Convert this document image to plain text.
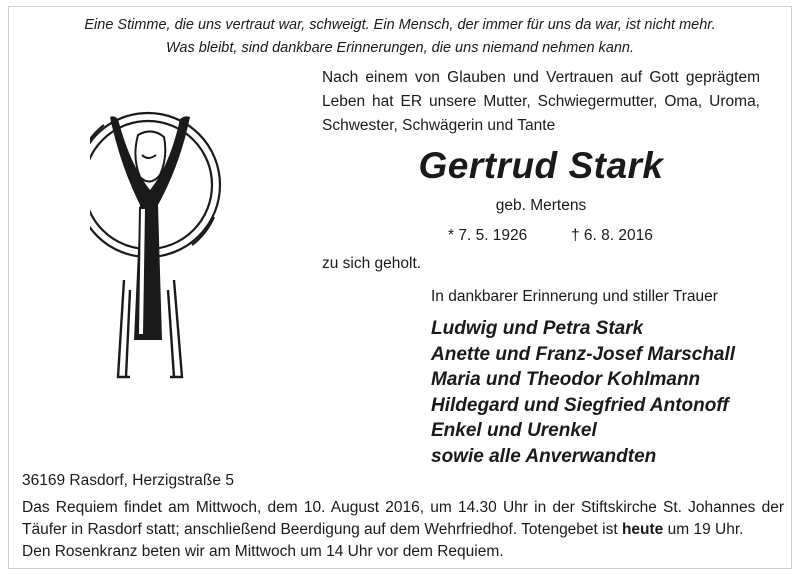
Eine Stimme, die uns vertraut war, schweigt. Ein Mensch, der immer für uns da war, ist nicht mehr.
Was bleibt, sind dankbare Erinnerungen, die uns niemand nehmen kann.
Nach einem von Glauben und Vertrauen auf Gott geprägtem
Leben hat ER unsere Mutter, Schwiegermutter, Oma, Uroma,
Schwester, Schwägerin und Tante
Gertrud Stark
geb. Mertens
* 7. 5. 1926	† 6. 8. 2016
zu sich geholt.
In dankbarer Erinnerung und stiller Trauer
Ludwig und Petra Stark
Anette und Franz-Josef Marschall
Maria und Theodor Kohlmann
Hildegard und Siegfried Antonoff
Enkel und Urenkel
sowie alle Anverwandten
36169 Rasdorf, Herzigstraße 5
Das Requiem findet am Mittwoch, dem 10. August 2016, um 14.30 Uhr in der Stiftskirche St. Johannes der
Täufer in Rasdorf statt; anschließend Beerdigung auf dem Wehrfriedhof. Totengebet ist heute um 19 Uhr.
Den Rosenkranz beten wir am Mittwoch um 14 Uhr vor dem Requiem.
